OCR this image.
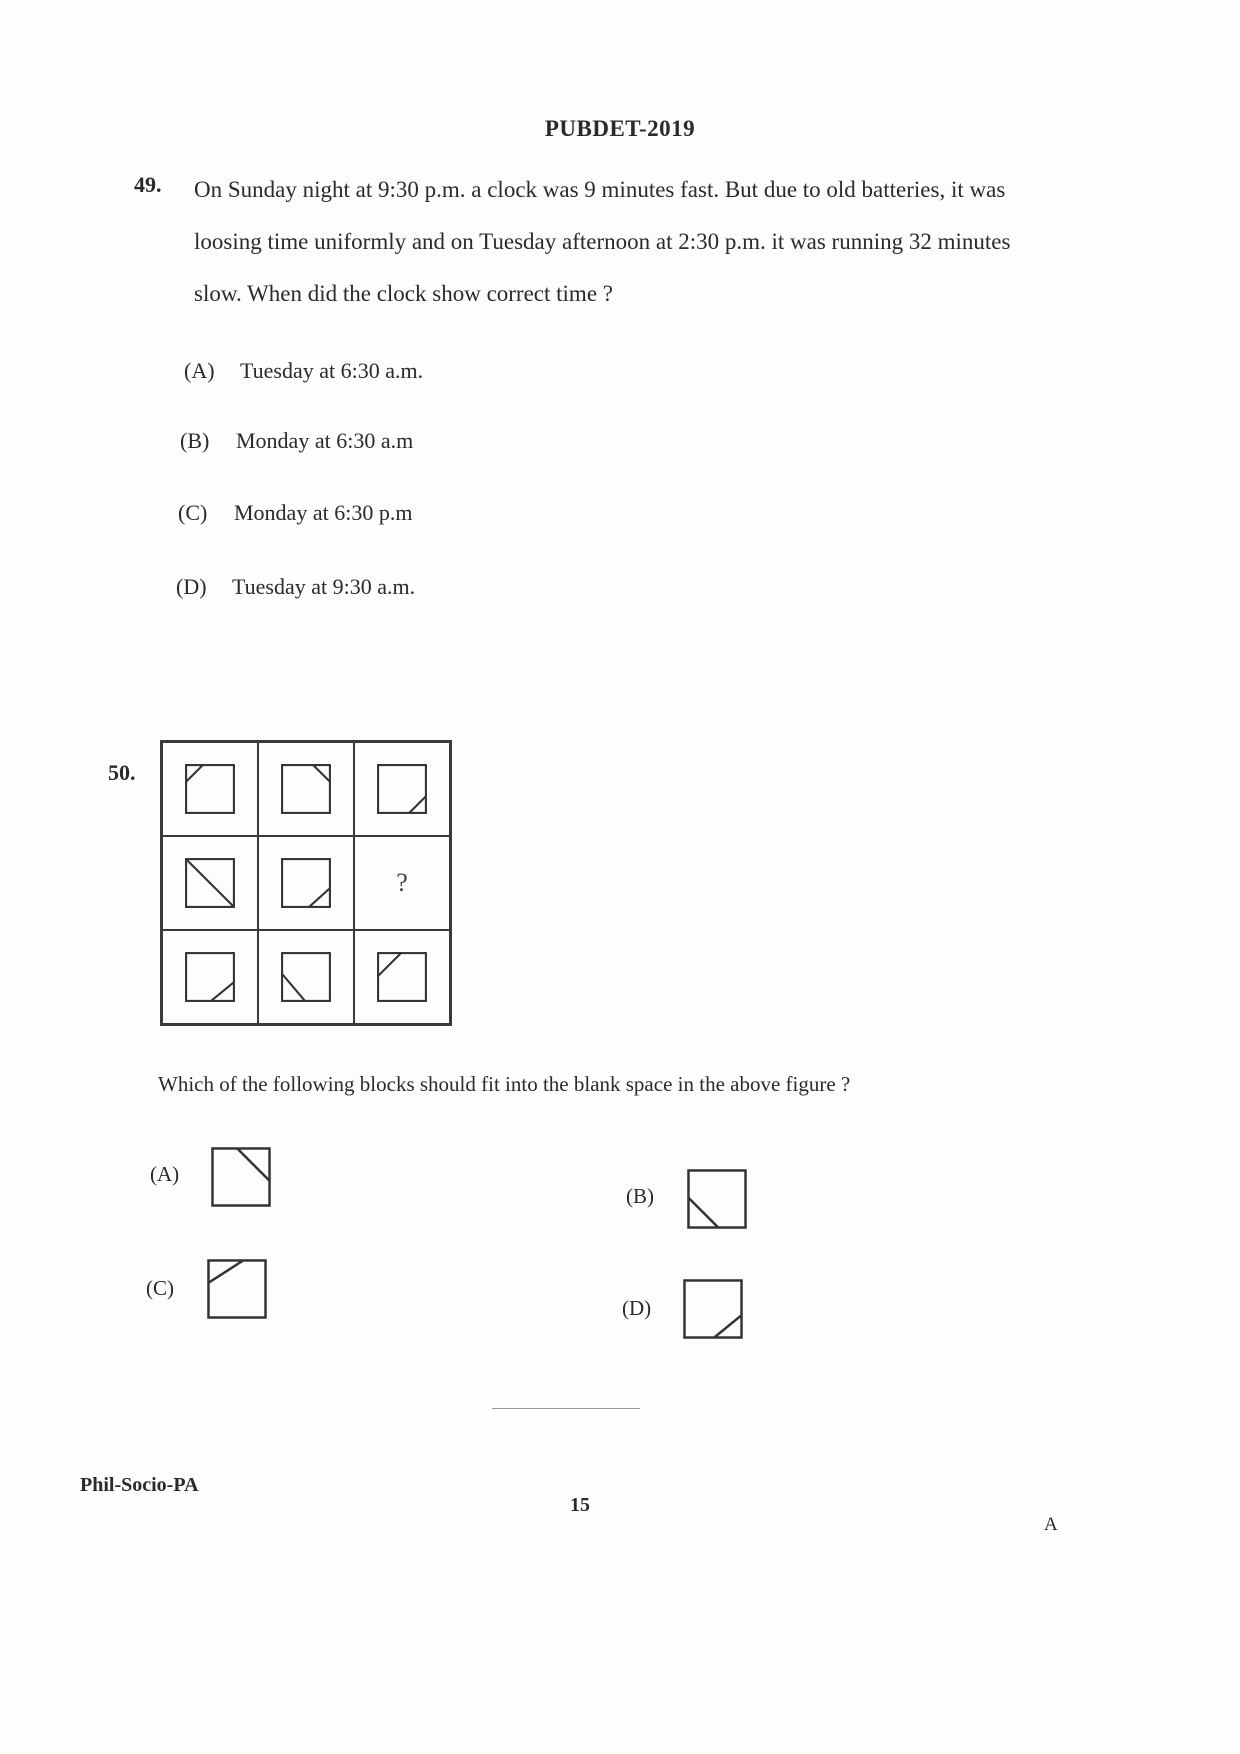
PUBDET-2019
49. On Sunday night at 9:30 p.m. a clock was 9 minutes fast. But due to old batteries, it was
loosing time uniformly and on Tuesday afternoon at 2:30 p.m. it was running 32 minutes
slow. When did the clock show correct time ?
(A) Tuesday at 6:30 a.m.
(B) Monday at 6:30 a.m
(C) Monday at 6:30 p.m
(D) Tuesday at 9:30 a.m.
50.
?
Which of the following blocks should fit into the blank space in the above figure ?
(A)
(B)
(C)
(D)
Phil-Socio-PA
15
A
